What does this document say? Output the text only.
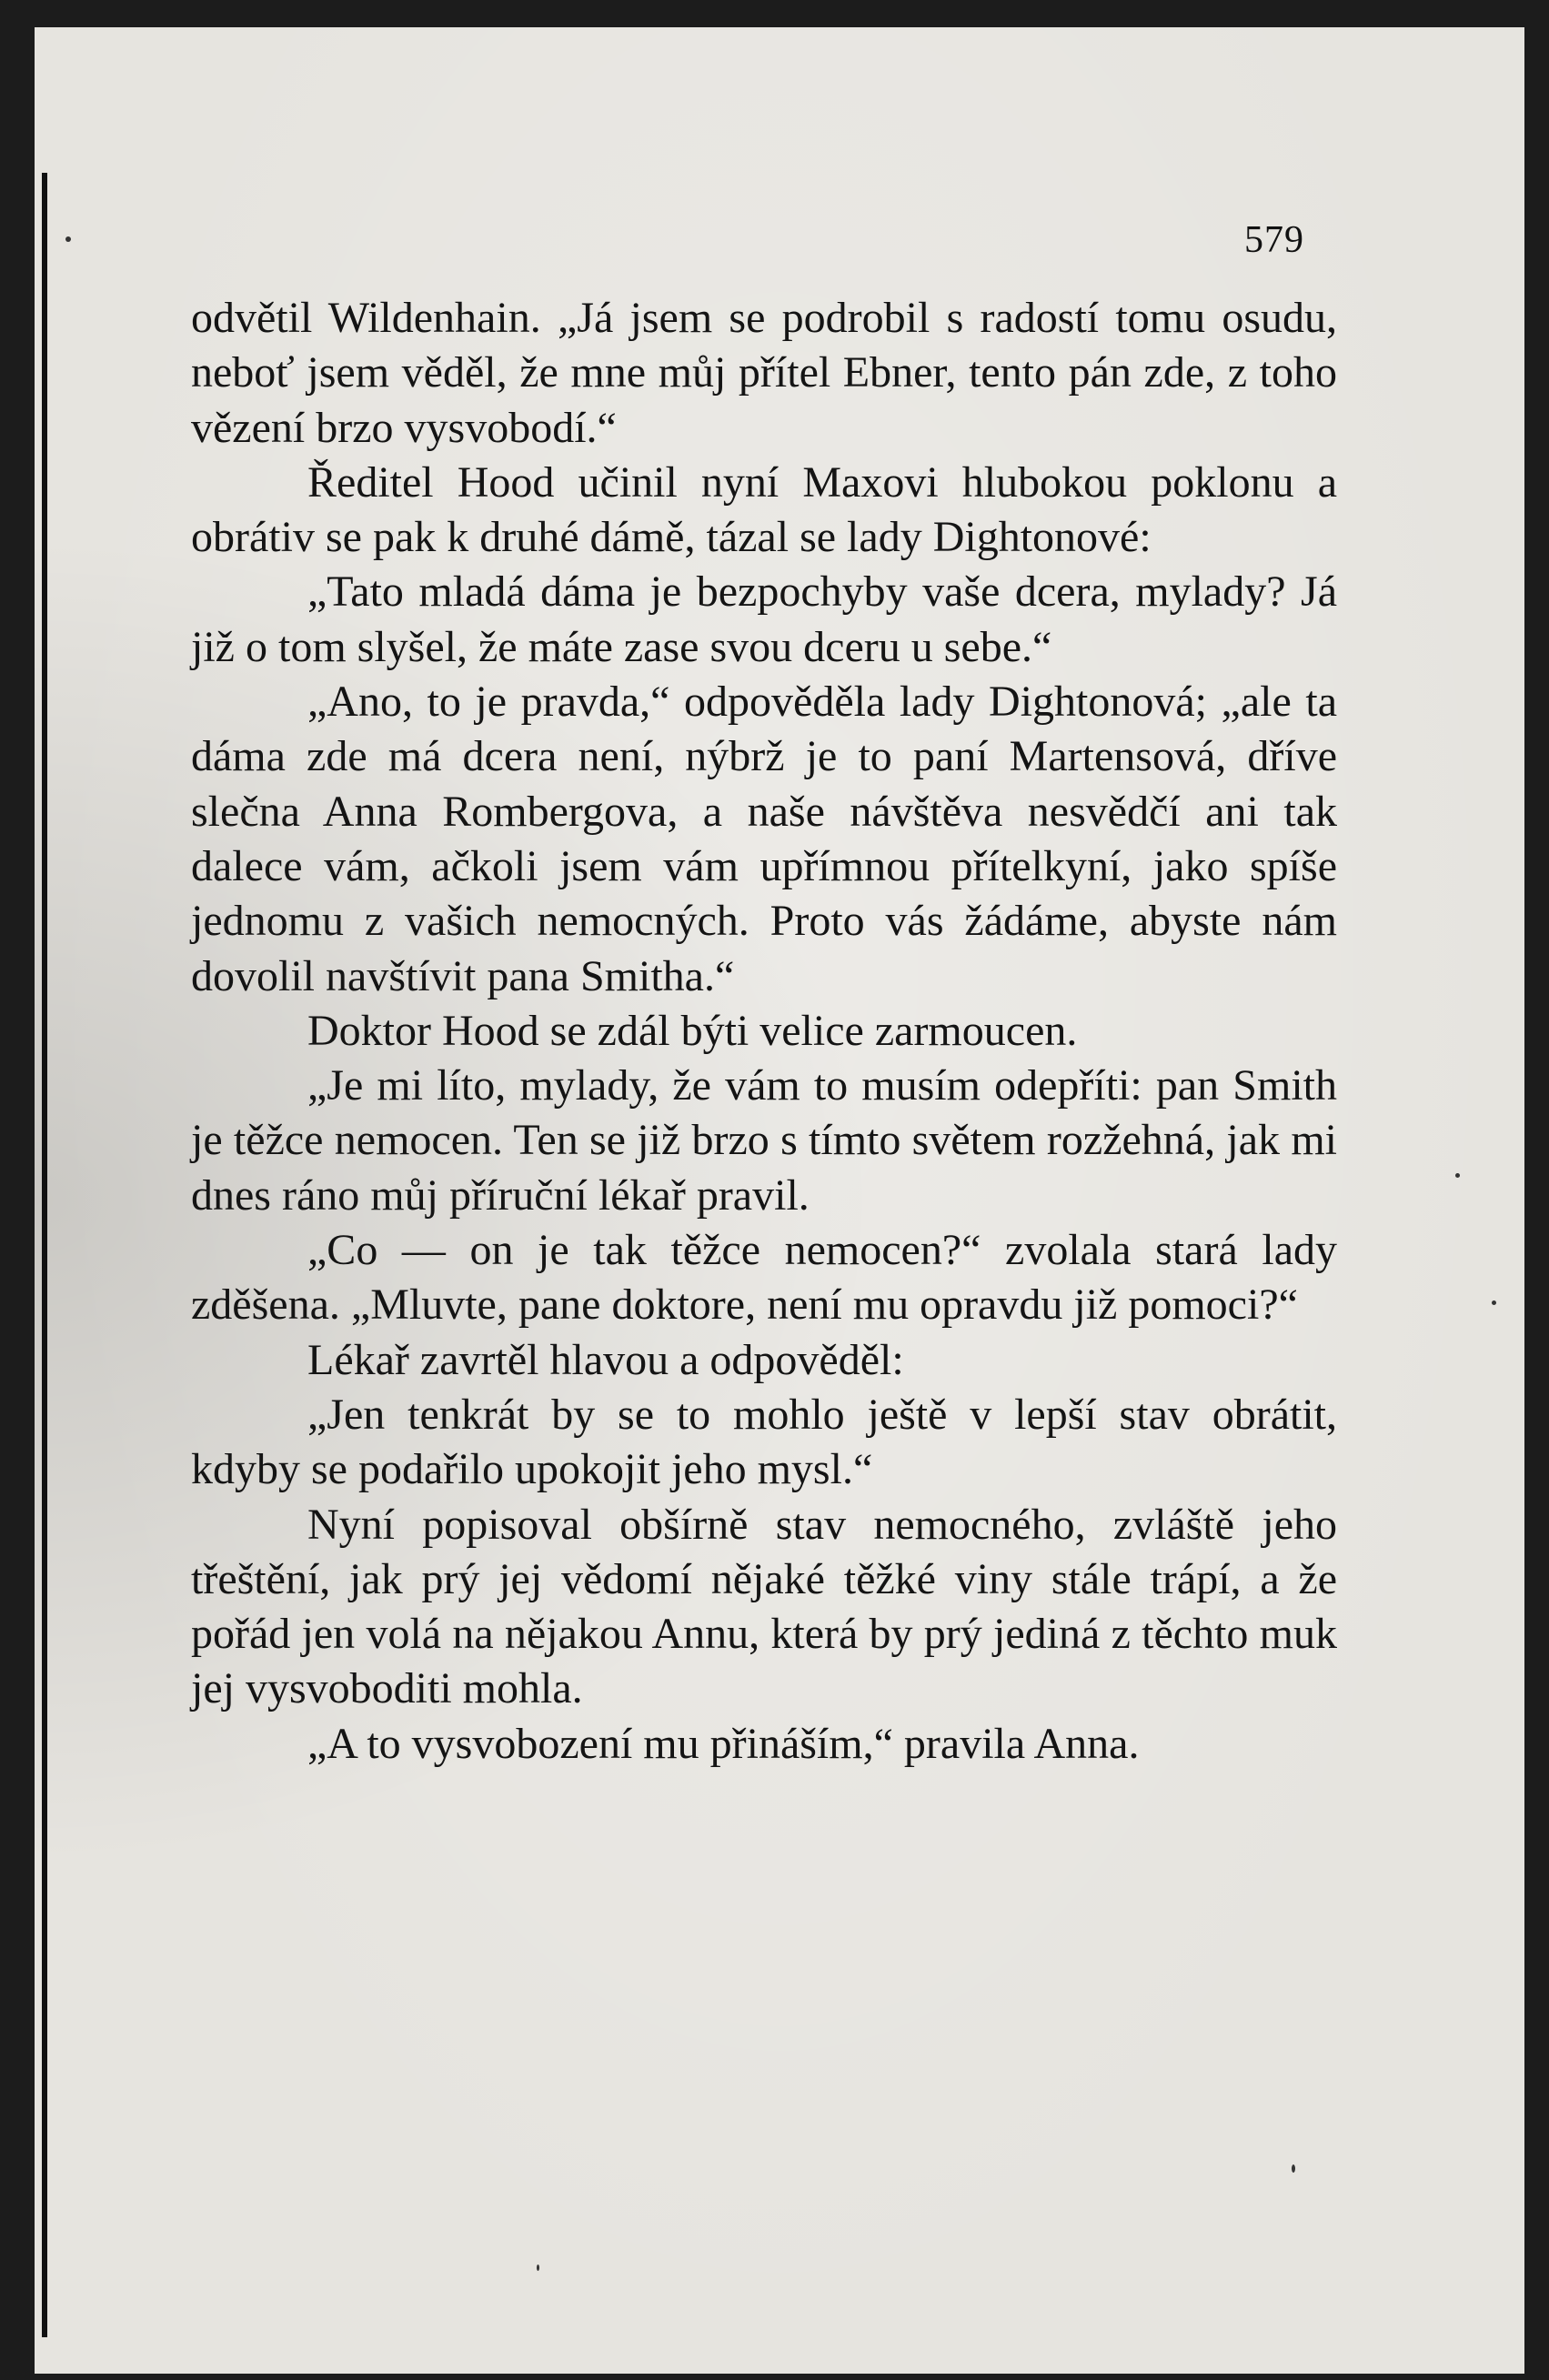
579

odvětil Wildenhain. „Já jsem se podrobil s radostí tomu osudu, neboť jsem věděl, že mne můj přítel Ebner, tento pán zde, z toho vězení brzo vysvobodí.“

Ředitel Hood učinil nyní Maxovi hlubokou poklonu a obrátiv se pak k druhé dámě, tázal se lady Dightonové:

„Tato mladá dáma je bezpochyby vaše dcera, mylady? Já již o tom slyšel, že máte zase svou dceru u sebe.“

„Ano, to je pravda,“ odpověděla lady Dightonová; „ale ta dáma zde má dcera není, nýbrž je to paní Martensová, dříve slečna Anna Rombergova, a naše návštěva nesvědčí ani tak dalece vám, ačkoli jsem vám upřímnou přítelkyní, jako spíše jednomu z vašich nemocných. Proto vás žádáme, abyste nám dovolil navštívit pana Smitha.“

Doktor Hood se zdál býti velice zarmoucen.

„Je mi líto, mylady, že vám to musím odepříti: pan Smith je těžce nemocen. Ten se již brzo s tímto světem rozžehná, jak mi dnes ráno můj příruční lékař pravil.

„Co — on je tak těžce nemocen?“ zvolala stará lady zděšena. „Mluvte, pane doktore, není mu opravdu již pomoci?“

Lékař zavrtěl hlavou a odpověděl:

„Jen tenkrát by se to mohlo ještě v lepší stav obrátit, kdyby se podařilo upokojit jeho mysl.“

Nyní popisoval obšírně stav nemocného, zvláště jeho třeštění, jak prý jej vědomí nějaké těžké viny stále trápí, a že pořád jen volá na nějakou Annu, která by prý jediná z těchto muk jej vysvoboditi mohla.

„A to vysvobození mu přináším,“ pravila Anna.
